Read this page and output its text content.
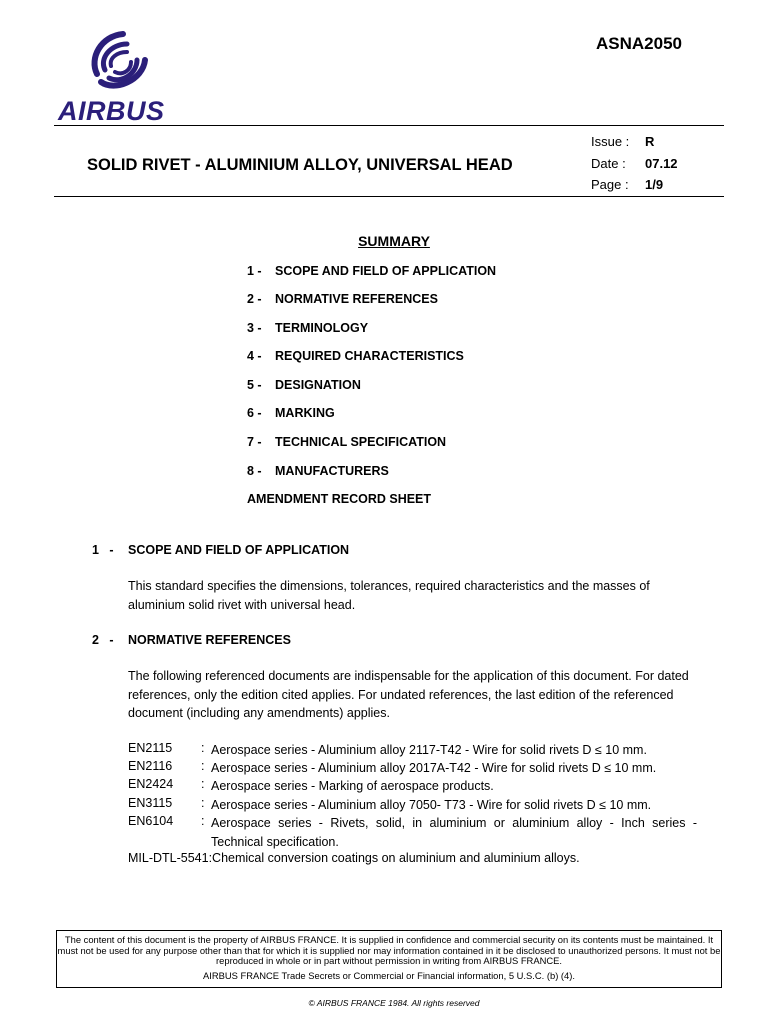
AIRBUS
ASNA2050
SOLID RIVET - ALUMINIUM ALLOY, UNIVERSAL HEAD
Issue : R
Date : 07.12
Page : 1/9
SUMMARY
1 - SCOPE AND FIELD OF APPLICATION
2 - NORMATIVE REFERENCES
3 - TERMINOLOGY
4 - REQUIRED CHARACTERISTICS
5 - DESIGNATION
6 - MARKING
7 - TECHNICAL SPECIFICATION
8 - MANUFACTURERS
AMENDMENT RECORD SHEET
1   - SCOPE AND FIELD OF APPLICATION
This standard specifies the dimensions, tolerances, required characteristics and the masses of aluminium solid rivet with universal head.
2   - NORMATIVE REFERENCES
The following referenced documents are indispensable for the application of this document. For dated references, only the edition cited applies. For undated references, the last edition of the referenced document (including any amendments) applies.
EN2115 : Aerospace series - Aluminium alloy 2117-T42 - Wire for solid rivets D ≤ 10 mm.
EN2116 : Aerospace series - Aluminium alloy 2017A-T42 - Wire for solid rivets D ≤ 10 mm.
EN2424 : Aerospace series - Marking of aerospace products.
EN3115 : Aerospace series - Aluminium alloy 7050- T73 - Wire for solid rivets D ≤ 10 mm.
EN6104 : Aerospace series - Rivets, solid, in aluminium or aluminium alloy - Inch series - Technical specification.
MIL-DTL-5541:Chemical conversion coatings on aluminium and aluminium alloys.

The content of this document is the property of AIRBUS FRANCE. It is supplied in confidence and commercial security on its contents must be maintained. It must not be used for any purpose other than that for which it is supplied nor may information contained in it be disclosed to unauthorized persons. It must not be reproduced in whole or in part without permission in writing from AIRBUS FRANCE.

AIRBUS FRANCE Trade Secrets or Commercial or Financial information, 5 U.S.C. (b) (4).

© AIRBUS FRANCE 1984. All rights reserved
